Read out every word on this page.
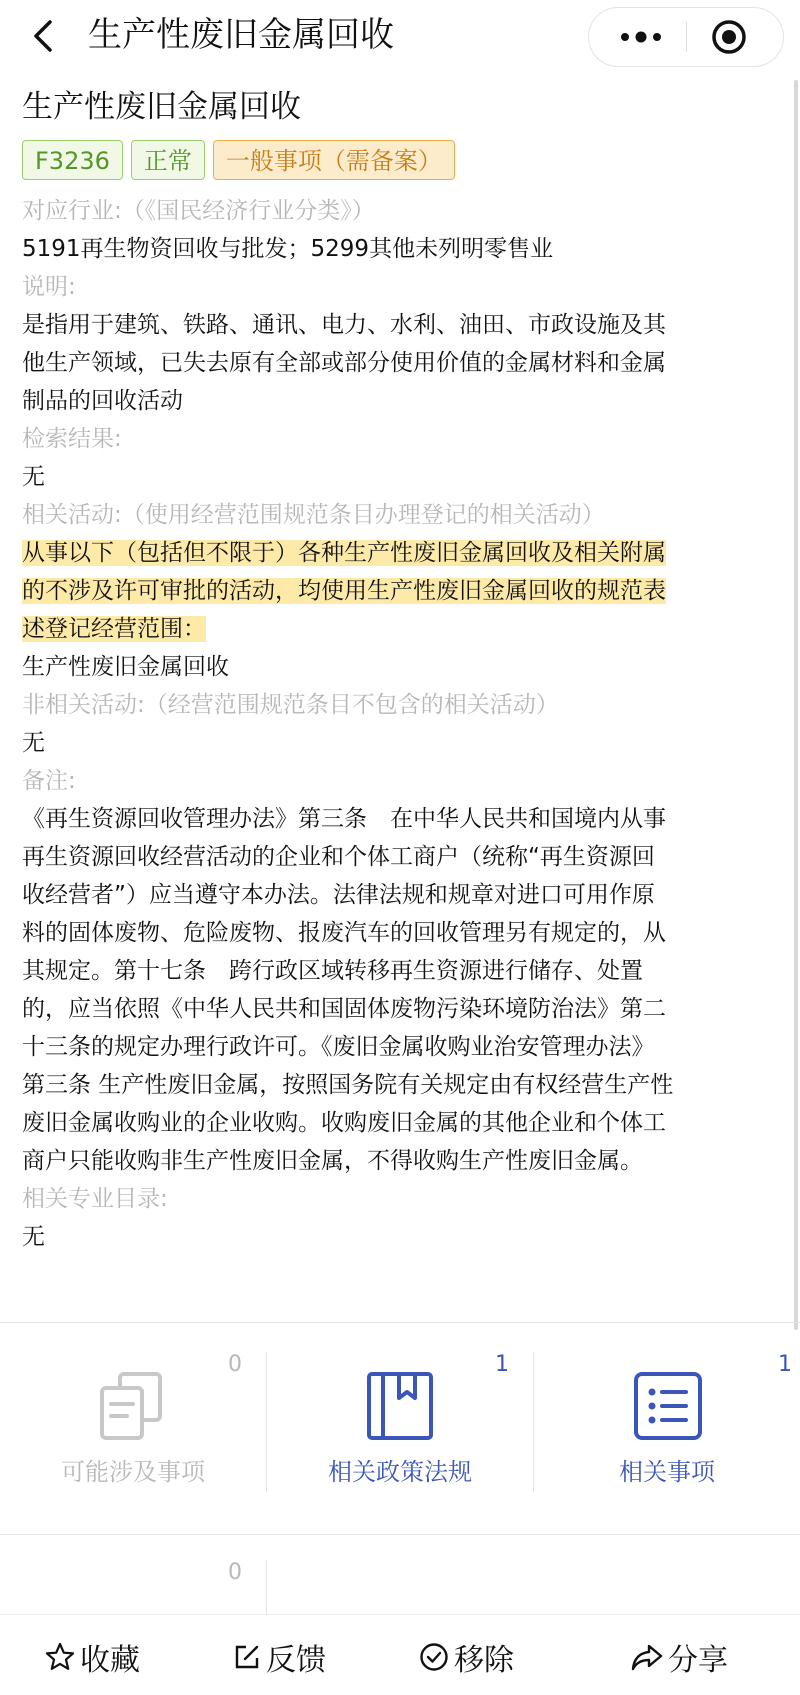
生产性废旧金属回收
生产性废旧金属回收
F3236	正常	一般事项（需备案）
对应行业:（《国民经济行业分类》）
5191再生物资回收与批发；5299其他未列明零售业
说明:
是指用于建筑、铁路、通讯、电力、水利、油田、市政设施及其
他生产领域，已失去原有全部或部分使用价值的金属材料和金属
制品的回收活动
检索结果:
无
相关活动:（使用经营范围规范条目办理登记的相关活动）
从事以下（包括但不限于）各种生产性废旧金属回收及相关附属
的不涉及许可审批的活动，均使用生产性废旧金属回收的规范表
述登记经营范围：
生产性废旧金属回收
非相关活动:（经营范围规范条目不包含的相关活动）
无
备注:
《再生资源回收管理办法》第三条　在中华人民共和国境内从事
再生资源回收经营活动的企业和个体工商户（统称“再生资源回
收经营者”）应当遵守本办法。法律法规和规章对进口可用作原
料的固体废物、危险废物、报废汽车的回收管理另有规定的，从
其规定。第十七条　跨行政区域转移再生资源进行储存、处置
的，应当依照《中华人民共和国固体废物污染环境防治法》第二
十三条的规定办理行政许可。《废旧金属收购业治安管理办法》
第三条 生产性废旧金属，按照国务院有关规定由有权经营生产性
废旧金属收购业的企业收购。收购废旧金属的其他企业和个体工
商户只能收购非生产性废旧金属，不得收购生产性废旧金属。
相关专业目录:
无
0
可能涉及事项
1
相关政策法规
1
相关事项
0
收藏	反馈	移除	分享
